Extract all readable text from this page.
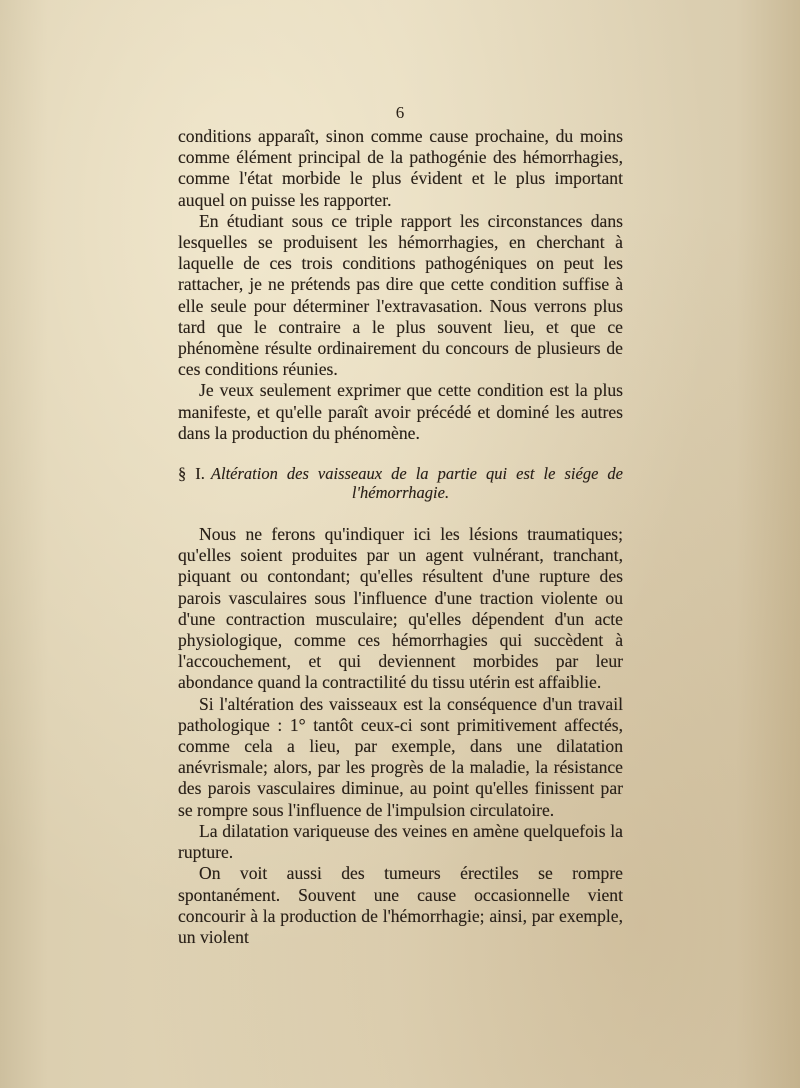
6

conditions apparaît, sinon comme cause prochaine, du moins comme élément principal de la pathogénie des hémorrhagies, comme l'état morbide le plus évident et le plus important auquel on puisse les rapporter.

En étudiant sous ce triple rapport les circonstances dans lesquelles se produisent les hémorrhagies, en cherchant à laquelle de ces trois conditions pathogéniques on peut les rattacher, je ne prétends pas dire que cette condition suffise à elle seule pour déterminer l'extravasation. Nous verrons plus tard que le contraire a le plus souvent lieu, et que ce phénomène résulte ordinairement du concours de plusieurs de ces conditions réunies.

Je veux seulement exprimer que cette condition est la plus manifeste, et qu'elle paraît avoir précédé et dominé les autres dans la production du phénomène.

§ I. Altération des vaisseaux de la partie qui est le siége de
l'hémorrhagie.

Nous ne ferons qu'indiquer ici les lésions traumatiques; qu'elles soient produites par un agent vulnérant, tranchant, piquant ou contondant; qu'elles résultent d'une rupture des parois vasculaires sous l'influence d'une traction violente ou d'une contraction musculaire; qu'elles dépendent d'un acte physiologique, comme ces hémorrhagies qui succèdent à l'accouchement, et qui deviennent morbides par leur abondance quand la contractilité du tissu utérin est affaiblie.

Si l'altération des vaisseaux est la conséquence d'un travail pathologique : 1° tantôt ceux-ci sont primitivement affectés, comme cela a lieu, par exemple, dans une dilatation anévrismale; alors, par les progrès de la maladie, la résistance des parois vasculaires diminue, au point qu'elles finissent par se rompre sous l'influence de l'impulsion circulatoire.

La dilatation variqueuse des veines en amène quelquefois la rupture.

On voit aussi des tumeurs érectiles se rompre spontanément. Souvent une cause occasionnelle vient concourir à la production de l'hémorrhagie; ainsi, par exemple, un violent
